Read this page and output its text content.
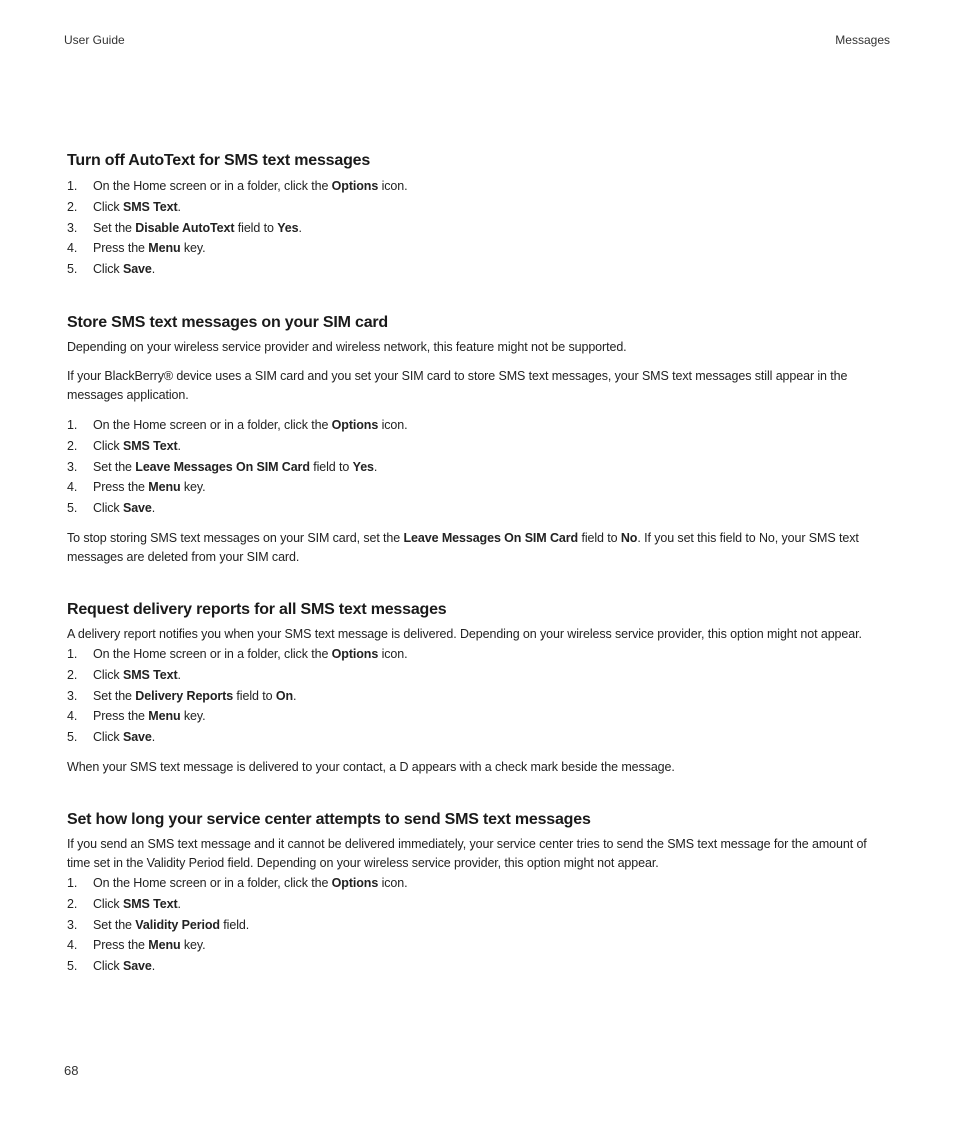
User Guide	Messages
Turn off AutoText for SMS text messages
1.	On the Home screen or in a folder, click the Options icon.
2.	Click SMS Text.
3.	Set the Disable AutoText field to Yes.
4.	Press the Menu key.
5.	Click Save.
Store SMS text messages on your SIM card

Depending on your wireless service provider and wireless network, this feature might not be supported.

If your BlackBerry® device uses a SIM card and you set your SIM card to store SMS text messages, your SMS text messages still appear in the messages application.

1.	On the Home screen or in a folder, click the Options icon.
2.	Click SMS Text.
3.	Set the Leave Messages On SIM Card field to Yes.
4.	Press the Menu key.
5.	Click Save.

To stop storing SMS text messages on your SIM card, set the Leave Messages On SIM Card field to No. If you set this field to No, your SMS text messages are deleted from your SIM card.

Request delivery reports for all SMS text messages

A delivery report notifies you when your SMS text message is delivered. Depending on your wireless service provider, this option might not appear.

1.	On the Home screen or in a folder, click the Options icon.
2.	Click SMS Text.
3.	Set the Delivery Reports field to On.
4.	Press the Menu key.
5.	Click Save.

When your SMS text message is delivered to your contact, a D appears with a check mark beside the message.

Set how long your service center attempts to send SMS text messages

If you send an SMS text message and it cannot be delivered immediately, your service center tries to send the SMS text message for the amount of time set in the Validity Period field. Depending on your wireless service provider, this option might not appear.

1.	On the Home screen or in a folder, click the Options icon.
2.	Click SMS Text.
3.	Set the Validity Period field.
4.	Press the Menu key.
5.	Click Save.
68
